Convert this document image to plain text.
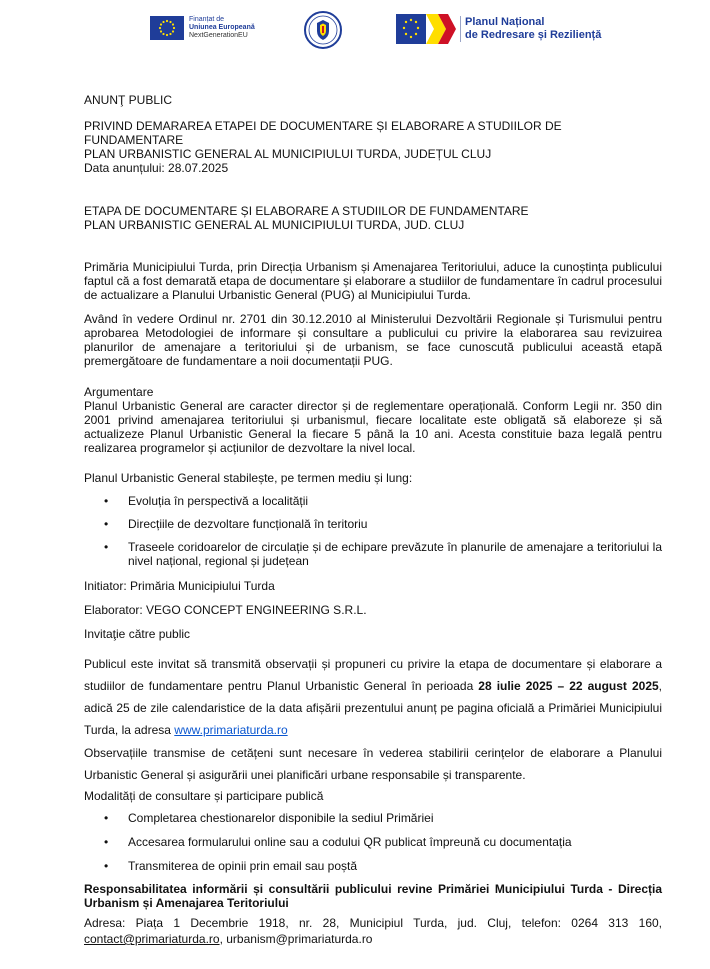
Finanțat de
Uniunea Europeană
NextGenerationEU
Planul Național
de Redresare și Reziliență
ANUNŢ PUBLIC
PRIVIND DEMARAREA ETAPEI DE DOCUMENTARE ȘI ELABORARE A STUDIILOR DE FUNDAMENTARE
PLAN URBANISTIC GENERAL AL MUNICIPIULUI TURDA, JUDEȚUL CLUJ
Data anunțului: 28.07.2025
ETAPA DE DOCUMENTARE ȘI ELABORARE A STUDIILOR DE FUNDAMENTARE
PLAN URBANISTIC GENERAL AL MUNICIPIULUI TURDA, JUD. CLUJ

Primăria Municipiului Turda, prin Direcția Urbanism și Amenajarea Teritoriului, aduce la cunoștința publicului faptul că a fost demarată etapa de documentare și elaborare a studiilor de fundamentare în cadrul procesului de actualizare a Planului Urbanistic General (PUG) al Municipiului Turda.

Având în vedere Ordinul nr. 2701 din 30.12.2010 al Ministerului Dezvoltării Regionale și Turismului pentru aprobarea Metodologiei de informare și consultare a publicului cu privire la elaborarea sau revizuirea planurilor de amenajare a teritoriului și de urbanism, se face cunoscută publicului această etapă premergătoare de fundamentare a noii documentații PUG.

Argumentare

Planul Urbanistic General are caracter director și de reglementare operațională. Conform Legii nr. 350 din 2001 privind amenajarea teritoriului și urbanismul, fiecare localitate este obligată să elaboreze și să actualizeze Planul Urbanistic General la fiecare 5 până la 10 ani. Acesta constituie baza legală pentru realizarea programelor și acțiunilor de dezvoltare la nivel local.

Planul Urbanistic General stabilește, pe termen mediu și lung:
• Evoluția în perspectivă a localității
• Direcțiile de dezvoltare funcțională în teritoriu
• Traseele coridoarelor de circulație și de echipare prevăzute în planurile de amenajare a teritoriului la nivel național, regional și județean
Initiator: Primăria Municipiului Turda
Elaborator: VEGO CONCEPT ENGINEERING S.R.L.
Invitaţie către public

Publicul este invitat să transmită observații și propuneri cu privire la etapa de documentare și elaborare a studiilor de fundamentare pentru Planul Urbanistic General în perioada 28 iulie 2025 – 22 august 2025, adică 25 de zile calendaristice de la data afișării prezentului anunț pe pagina oficială a Primăriei Municipiului Turda, la adresa www.primariaturda.ro

Observațiile transmise de cetățeni sunt necesare în vederea stabilirii cerințelor de elaborare a Planului Urbanistic General și asigurării unei planificări urbane responsabile și transparente.

Modalități de consultare și participare publică
• Completarea chestionarelor disponibile la sediul Primăriei
• Accesarea formularului online sau a codului QR publicat împreună cu documentația
• Transmiterea de opinii prin email sau poștă

Responsabilitatea informării și consultării publicului revine Primăriei Municipiului Turda - Direcția Urbanism și Amenajarea Teritoriului

Adresa: Piața 1 Decembrie 1918, nr. 28, Municipiul Turda, jud. Cluj, telefon: 0264 313 160, contact@primariaturda.ro, urbanism@primariaturda.ro
